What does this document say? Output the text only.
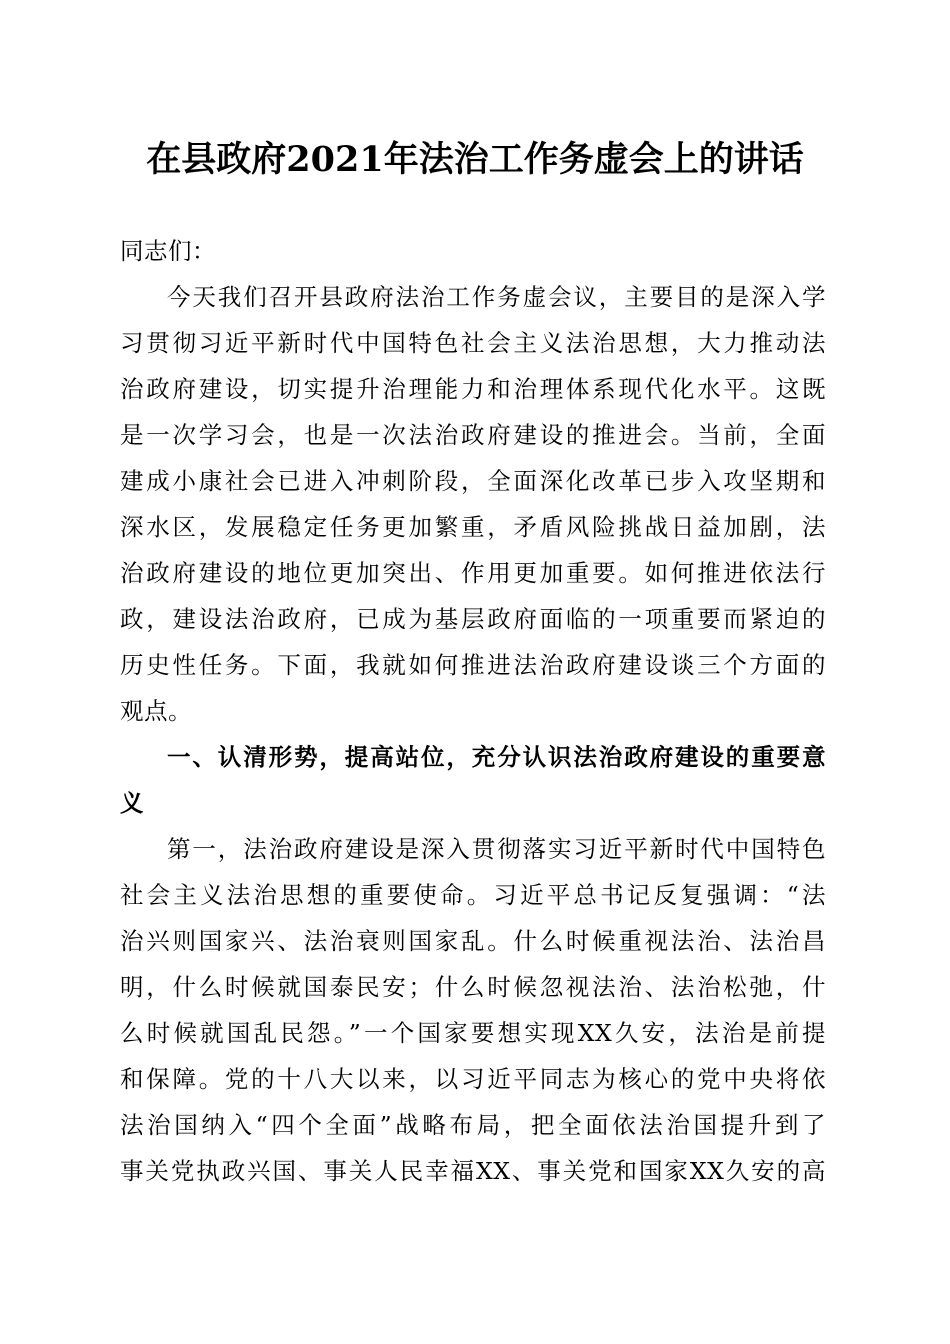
在县政府2021年法治工作务虚会上的讲话
同志们：
今天我们召开县政府法治工作务虚会议，主要目的是深入学
习贯彻习近平新时代中国特色社会主义法治思想，大力推动法
治政府建设，切实提升治理能力和治理体系现代化水平。这既
是一次学习会，也是一次法治政府建设的推进会。当前，全面
建成小康社会已进入冲刺阶段，全面深化改革已步入攻坚期和
深水区，发展稳定任务更加繁重，矛盾风险挑战日益加剧，法
治政府建设的地位更加突出、作用更加重要。如何推进依法行
政，建设法治政府，已成为基层政府面临的一项重要而紧迫的
历史性任务。下面，我就如何推进法治政府建设谈三个方面的
观点。
一、认清形势，提高站位，充分认识法治政府建设的重要意
义
第一，法治政府建设是深入贯彻落实习近平新时代中国特色
社会主义法治思想的重要使命。习近平总书记反复强调：“法
治兴则国家兴、法治衰则国家乱。什么时候重视法治、法治昌
明，什么时候就国泰民安；什么时候忽视法治、法治松弛，什
么时候就国乱民怨。”一个国家要想实现XX久安，法治是前提
和保障。党的十八大以来，以习近平同志为核心的党中央将依
法治国纳入“四个全面”战略布局，把全面依法治国提升到了
事关党执政兴国、事关人民幸福XX、事关党和国家XX久安的高
